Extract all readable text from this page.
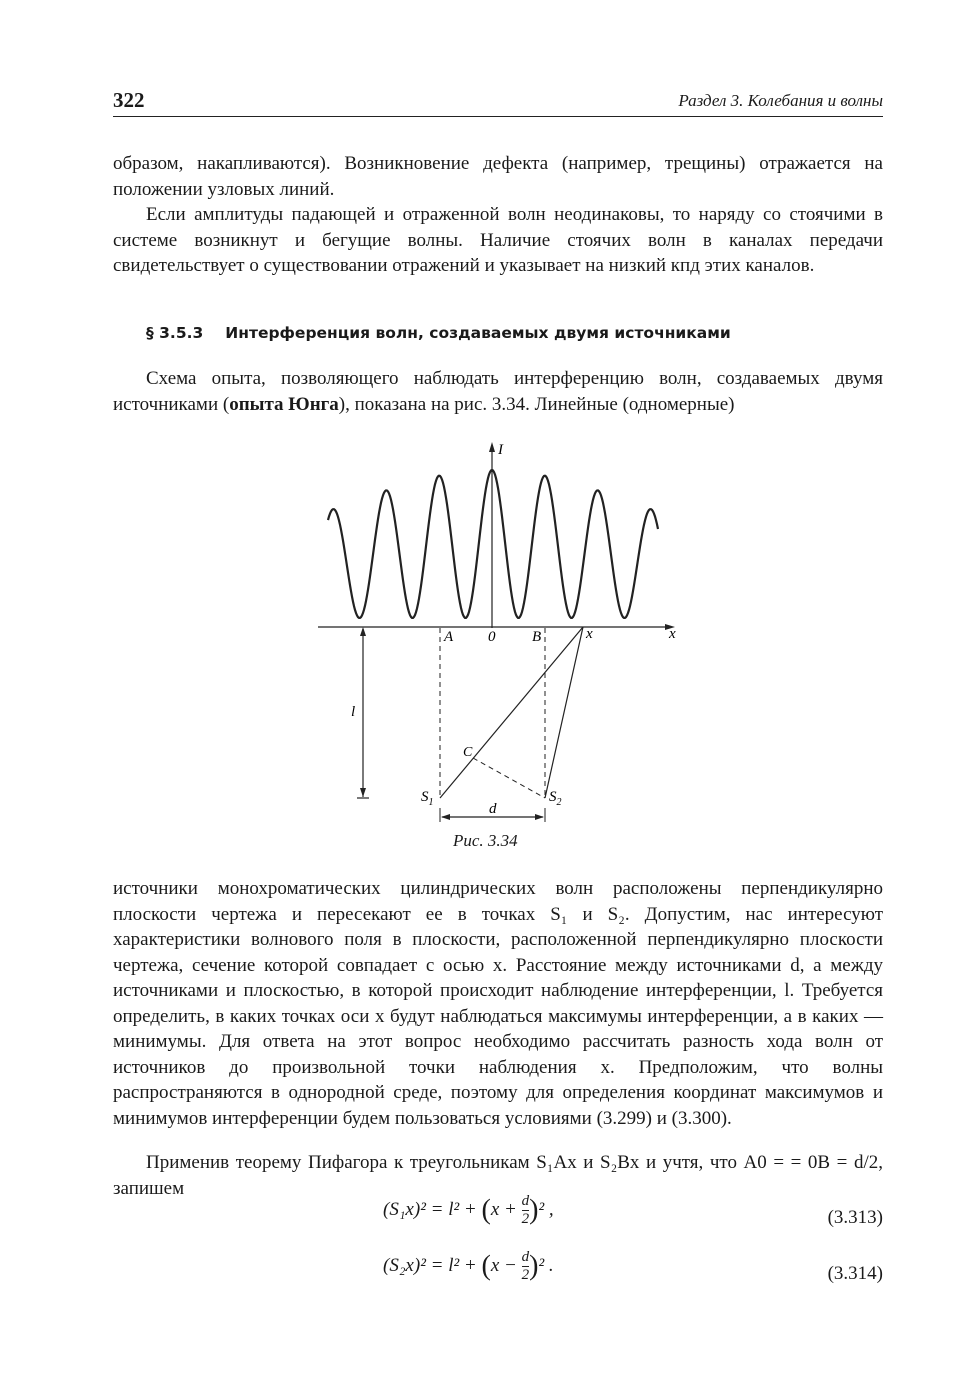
322	Раздел 3. Колебания и волны

образом, накапливаются). Возникновение дефекта (например, трещины) отражается на положении узловых линий.

Если амплитуды падающей и отраженной волн неодинаковы, то наряду со стоячими в системе возникнут и бегущие волны. Наличие стоячих волн в каналах передачи свидетельствует о существовании отражений и указывает на низкий кпд этих каналов.

§ 3.5.3 Интерференция волн, создаваемых двумя источниками

Схема опыта, позволяющего наблюдать интерференцию волн, создаваемых двумя источниками (опыта Юнга), показана на рис. 3.34. Линейные (одномерные)

I
x
A 0 B	x
C
l
$S_1$	$S_2$
d
Рис. 3.34

источники монохроматических цилиндрических волн расположены перпендикулярно плоскости чертежа и пересекают ее в точках S₁ и S₂. Допустим, нас интересуют характеристики волнового поля в плоскости, расположенной перпендикулярно плоскости чертежа, сечение которой совпадает с осью x. Расстояние между источниками d, а между источниками и плоскостью, в которой происходит наблюдение интерференции, l. Требуется определить, в каких точках оси x будут наблюдаться максимумы интерференции, а в каких — минимумы. Для ответа на этот вопрос необходимо рассчитать разность хода волн от источников до произвольной точки наблюдения x. Предположим, что волны распространяются в однородной среде, поэтому для определения координат максимумов и минимумов интерференции будем пользоваться условиями (3.299) и (3.300).

Применив теорему Пифагора к треугольникам S₁Ax и S₂Bx и учтя, что A0 = = 0B = d/2, запишем

$(S_1x)^2 = l^2 + (x + \frac{d}{2} )^2$ ,	(3.313)
$(S_2x)^2 = l^2 + (x - \frac{d}{2} )^2$ .	(3.314)
